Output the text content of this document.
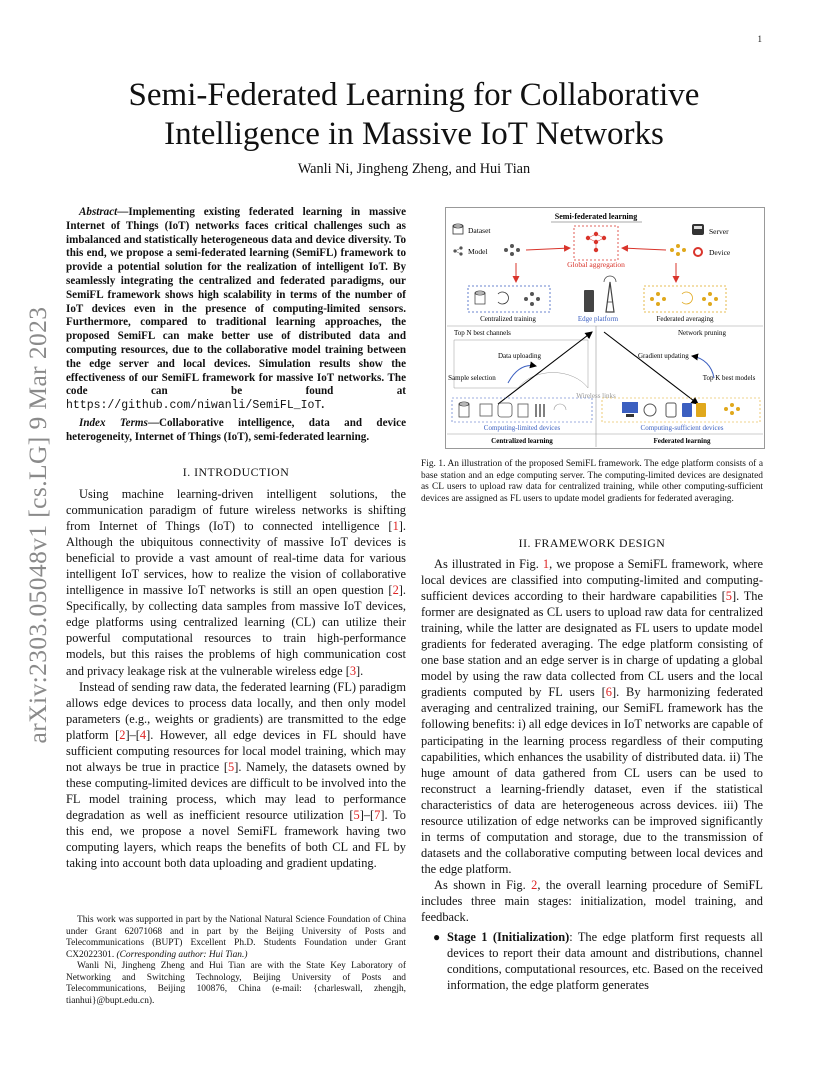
1
arXiv:2303.05048v1 [cs.LG] 9 Mar 2023
Semi-Federated Learning for Collaborative
Intelligence in Massive IoT Networks
Wanli Ni, Jingheng Zheng, and Hui Tian
Abstract—Implementing existing federated learning in massive Internet of Things (IoT) networks faces critical challenges such as imbalanced and statistically heterogeneous data and device diversity. To this end, we propose a semi-federated learning (SemiFL) framework to provide a potential solution for the realization of intelligent IoT. By seamlessly integrating the centralized and federated paradigms, our SemiFL framework shows high scalability in terms of the number of IoT devices even in the presence of computing-limited sensors. Furthermore, compared to traditional learning approaches, the proposed SemiFL can make better use of distributed data and computing resources, due to the collaborative model training between the edge server and local devices. Simulation results show the effectiveness of our SemiFL framework for massive IoT networks. The code can be found at https://github.com/niwanli/SemiFL_IoT.
Index Terms—Collaborative intelligence, data and device heterogeneity, Internet of Things (IoT), semi-federated learning.
I. INTRODUCTION

Using machine learning-driven intelligent solutions, the communication paradigm of future wireless networks is shifting from Internet of Things (IoT) to connected intelligence [1]. Although the ubiquitous connectivity of massive IoT devices is beneficial to provide a vast amount of real-time data for various intelligent IoT services, how to realize the vision of collaborative intelligence in massive IoT networks is still an open question [2]. Specifically, by collecting data samples from massive IoT devices, edge platforms using centralized learning (CL) can utilize their powerful computational resources to train high-performance models, but this raises the problems of high communication cost and privacy leakage risk at the vulnerable wireless edge [3].

Instead of sending raw data, the federated learning (FL) paradigm allows edge devices to process data locally, and then only model parameters (e.g., weights or gradients) are transmitted to the edge platform [2]–[4]. However, all edge devices in FL should have sufficient computing resources for local model training, which may not always be true in practice [5]. Namely, the datasets owned by these computing-limited devices are difficult to be involved into the FL model training process, which may lead to performance degradation as well as inefficient resource utilization [5]–[7]. To this end, we propose a novel SemiFL framework having two computing layers, which reaps the benefits of both CL and FL by taking into account both data uploading and gradient updating.

This work was supported in part by the National Natural Science Foundation of China under Grant 62071068 and in part by the Beijing University of Posts and Telecommunications (BUPT) Excellent Ph.D. Students Foundation under Grant CX2022301. (Corresponding author: Hui Tian.)

Wanli Ni, Jingheng Zheng and Hui Tian are with the State Key Laboratory of Networking and Switching Technology, Beijing University of Posts and Telecommunications, Beijing 100876, China (e-mail: {charleswall, zhengjh, tianhui}@bupt.edu.cn).

Semi-federated learning
Dataset
Model
Server
Device
Global aggregation
Centralized training	Edge platform	Federated averaging
Top N best channels	Network pruning
Data uploading	Gradient updating
Sample selection
Wireless links
Top K best models
Computing-limited devices	Computing-sufficient devices
Centralized learning	Federated learning
Fig. 1. An illustration of the proposed SemiFL framework. The edge platform consists of a base station and an edge computing server. The computing-limited devices are designated as CL users to upload raw data for centralized training, while other computing-sufficient devices are assigned as FL users to update model gradients for federated averaging.
II. FRAMEWORK DESIGN

As illustrated in Fig. 1, we propose a SemiFL framework, where local devices are classified into computing-limited and computing-sufficient devices according to their hardware capabilities [5]. The former are designated as CL users to upload raw data for centralized training, while the latter are designated as FL users to update model gradients for federated averaging. The edge platform consisting of one base station and an edge server is in charge of updating a global model by using the raw data collected from CL users and the local gradients computed by FL users [6]. By harmonizing federated averaging and centralized training, our SemiFL framework has the following benefits: i) all edge devices in IoT networks are capable of participating in the learning process regardless of their computing capabilities, which enhances the usability of distributed data. ii) The huge amount of data gathered from CL users can be used to reconstruct a learning-friendly dataset, even if the statistical characteristics of data are heterogeneous across devices. iii) The resource utilization of edge networks can be improved significantly in terms of computation and storage, due to the transmission of datasets and the collaborative computing between local devices and the edge platform.

As shown in Fig. 2, the overall learning procedure of SemiFL includes three main stages: initialization, model training, and feedback.

● Stage 1 (Initialization): The edge platform first requests all devices to report their data amount and distributions, channel conditions, computational resources, etc. Based on the received information, the edge platform generates
